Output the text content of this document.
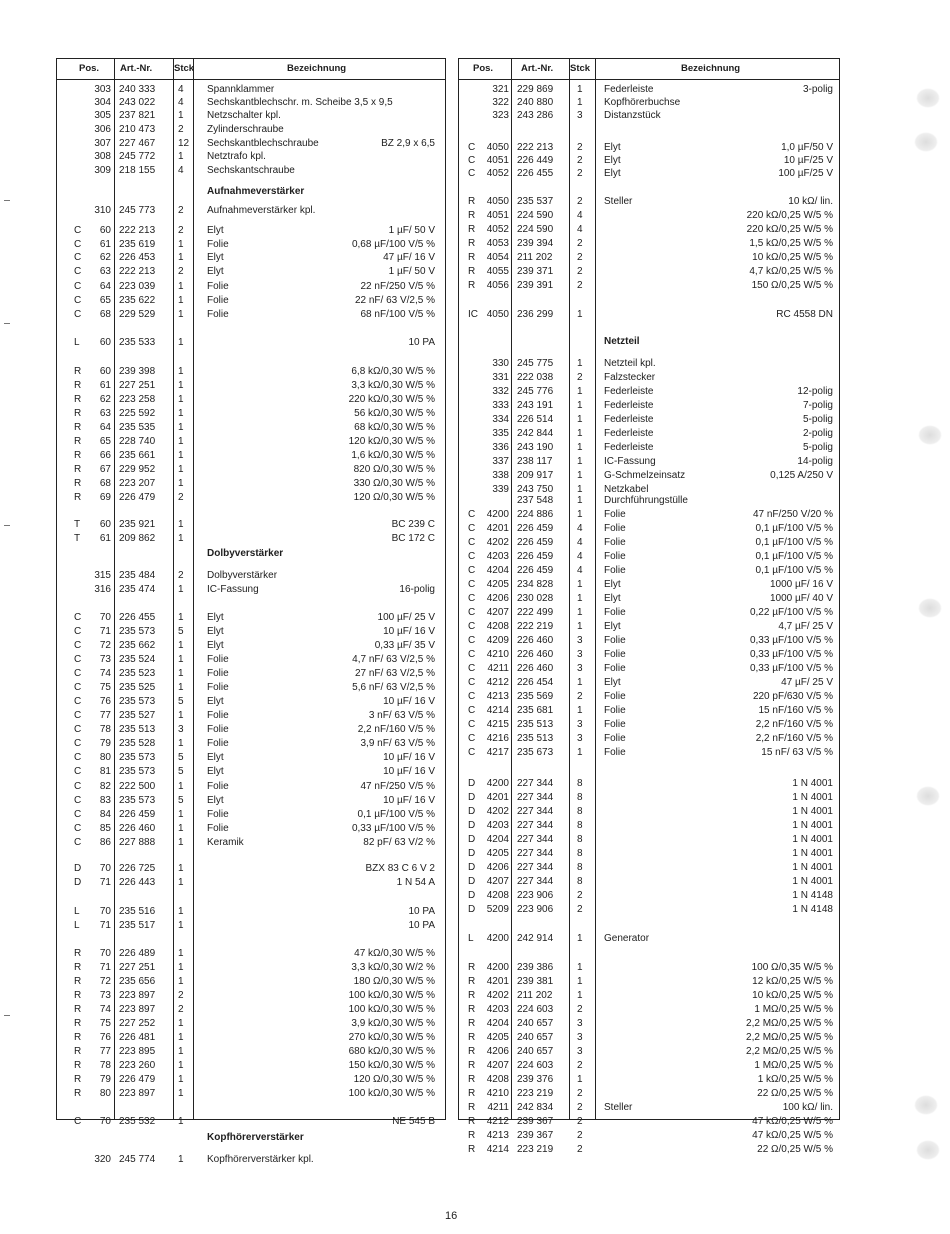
Pos. Art.-Nr. Stck	Bezeichnung
303 240 333 4 Spannklammer
304 243 022 4 Sechskantblechschr. m. Scheibe 3,5 x 9,5
305 237 821 1 Netzschalter kpl.
306 210 473 2 Zylinderschraube
307 227 467 12 Sechskantblechschraube	BZ 2,9 x 6,5
308 245 772 1 Netztrafo kpl.
309 218 155 4 Sechskantschraube
Aufnahmeverstärker
310 245 773 2 Aufnahmeverstärker kpl.
C	60 222 213 2 Elyt	1 µF/ 50 V
C	61 235 619 1 Folie	0,68 µF/100 V/5 %
C	62 226 453 1 Elyt	47 µF/ 16 V
C	63 222 213 2 Elyt	1 µF/ 50 V
C	64 223 039 1 Folie	22 nF/250 V/5 %
C	65 235 622 1 Folie	22 nF/ 63 V/2,5 %
C	68 229 529 1 Folie	68 nF/100 V/5 %
L	60 235 533 1	10 PA
R	60 239 398 1	6,8 kΩ/0,30 W/5 %
R	61 227 251 1	3,3 kΩ/0,30 W/5 %
R	62 223 258 1	220 kΩ/0,30 W/5 %
R	63 225 592 1	56 kΩ/0,30 W/5 %
R	64 235 535 1	68 kΩ/0,30 W/5 %
R	65 228 740 1	120 kΩ/0,30 W/5 %
R	66 235 661 1	1,6 kΩ/0,30 W/5 %
R	67 229 952 1	820 Ω/0,30 W/5 %
R	68 223 207 1	330 Ω/0,30 W/5 %
R	69 226 479 2	120 Ω/0,30 W/5 %
T	60 235 921 1	BC 239 C
T	61 209 862 1	BC 172 C
Dolbyverstärker
315 235 484 2 Dolbyverstärker
316 235 474 1 IC-Fassung	16-polig
C	70 226 455 1 Elyt	100 µF/ 25 V
C	71 235 573 5 Elyt	10 µF/ 16 V
C	72 235 662 1 Elyt	0,33 µF/ 35 V
C	73 235 524 1 Folie	4,7 nF/ 63 V/2,5 %
C	74 235 523 1 Folie	27 nF/ 63 V/2,5 %
C	75 235 525 1 Folie	5,6 nF/ 63 V/2,5 %
C	76 235 573 5 Elyt	10 µF/ 16 V
C	77 235 527 1 Folie	3 nF/ 63 V/5 %
C	78 235 513 3 Folie	2,2 nF/160 V/5 %
C	79 235 528 1 Folie	3,9 nF/ 63 V/5 %
C	80 235 573 5 Elyt	10 µF/ 16 V
C	81 235 573 5 Elyt	10 µF/ 16 V
C	82 222 500 1 Folie	47 nF/250 V/5 %
C	83 235 573 5 Elyt	10 µF/ 16 V
C	84 226 459 1 Folie	0,1 µF/100 V/5 %
C	85 226 460 1 Folie	0,33 µF/100 V/5 %
C	86 227 888 1 Keramik	82 pF/ 63 V/2 %
D	70 226 725 1	BZX 83 C 6 V 2
D	71 226 443 1	1 N 54 A
L	70 235 516 1	10 PA
L	71 235 517 1	10 PA
R	70 226 489 1	47 kΩ/0,30 W/5 %
R	71 227 251 1	3,3 kΩ/0,30 W/2 %
R	72 235 656 1	180 Ω/0,30 W/5 %
R	73 223 897 2	100 kΩ/0,30 W/5 %
R	74 223 897 2	100 kΩ/0,30 W/5 %
R	75 227 252 1	3,9 kΩ/0,30 W/5 %
R	76 226 481 1	270 kΩ/0,30 W/5 %
R	77 223 895 1	680 kΩ/0,30 W/5 %
R	78 223 260 1	150 kΩ/0,30 W/5 %
R	79 226 479 1	120 Ω/0,30 W/5 %
R	80 223 897 1	100 kΩ/0,30 W/5 %
C	70 235 532 1	NE 545 B
Kopfhörerverstärker
320 245 774 1 Kopfhörerverstärker kpl.
Pos.	Art.-Nr. Stck	Bezeichnung
321 229 869 1 Federleiste	3-polig
322 240 880 1 Kopfhörerbuchse
323 243 286 3 Distanzstück
C	4050 222 213 2 Elyt	1,0 µF/50 V
C	4051 226 449 2 Elyt	10 µF/25 V
C	4052 226 455 2 Elyt	100 µF/25 V
R	4050 235 537 2 Steller	10 kΩ/ lin.
R	4051 224 590 4	220 kΩ/0,25 W/5 %
R	4052 224 590 4	220 kΩ/0,25 W/5 %
R	4053 239 394 2	1,5 kΩ/0,25 W/5 %
R	4054 211 202 2	10 kΩ/0,25 W/5 %
R	4055 239 371 2	4,7 kΩ/0,25 W/5 %
R	4056 239 391 2	150 Ω/0,25 W/5 %
IC 4050 236 299 1	RC 4558 DN
Netzteil
330 245 775 1 Netzteil kpl.
331 222 038 2 Falzstecker
332 245 776 1 Federleiste	12-polig
333 243 191 1 Federleiste	7-polig
334 226 514 1 Federleiste	5-polig
335 242 844 1 Federleiste	2-polig
336 243 190 1 Federleiste	5-polig
337 238 117 1 IC-Fassung	14-polig
338 209 917 1 G-Schmelzeinsatz	0,125 A/250 V
339 243 750 1 Netzkabel
237 548 1 Durchführungstülle
C	4200 224 886 1 Folie	47 nF/250 V/20 %
C	4201 226 459 4 Folie	0,1 µF/100 V/5 %
C	4202 226 459 4 Folie	0,1 µF/100 V/5 %
C	4203 226 459 4 Folie	0,1 µF/100 V/5 %
C	4204 226 459 4 Folie	0,1 µF/100 V/5 %
C	4205 234 828 1 Elyt	1000 µF/ 16 V
C	4206 230 028 1 Elyt	1000 µF/ 40 V
C	4207 222 499 1 Folie	0,22 µF/100 V/5 %
C	4208 222 219 1 Elyt	4,7 µF/ 25 V
C	4209 226 460 3 Folie	0,33 µF/100 V/5 %
C	4210 226 460 3 Folie	0,33 µF/100 V/5 %
C	4211 226 460 3 Folie	0,33 µF/100 V/5 %
C	4212 226 454 1 Elyt	47 µF/ 25 V
C	4213 235 569 2 Folie	220 pF/630 V/5 %
C	4214 235 681 1 Folie	15 nF/160 V/5 %
C	4215 235 513 3 Folie	2,2 nF/160 V/5 %
C	4216 235 513 3 Folie	2,2 nF/160 V/5 %
C	4217 235 673 1 Folie	15 nF/ 63 V/5 %
D	4200 227 344 8	1 N 4001
D	4201 227 344 8	1 N 4001
D	4202 227 344 8	1 N 4001
D	4203 227 344 8	1 N 4001
D	4204 227 344 8	1 N 4001
D	4205 227 344 8	1 N 4001
D	4206 227 344 8	1 N 4001
D	4207 227 344 8	1 N 4001
D	4208 223 906 2	1 N 4148
D	5209 223 906 2	1 N 4148
L	4200 242 914 1 Generator
R	4200 239 386 1	100 Ω/0,35 W/5 %
R	4201 239 381 1	12 kΩ/0,25 W/5 %
R	4202 211 202 1	10 kΩ/0,25 W/5 %
R	4203 224 603 2	1 MΩ/0,25 W/5 %
R	4204 240 657 3	2,2 MΩ/0,25 W/5 %
R	4205 240 657 3	2,2 MΩ/0,25 W/5 %
R	4206 240 657 3	2,2 MΩ/0,25 W/5 %
R	4207 224 603 2	1 MΩ/0,25 W/5 %
R	4208 239 376 1	1 kΩ/0,25 W/5 %
R	4210 223 219 2	22 Ω/0,25 W/5 %
R	4211 242 834 2 Steller	100 kΩ/ lin.
R	4212 239 367 2	47 kΩ/0,25 W/5 %
R	4213 239 367 2	47 kΩ/0,25 W/5 %
R	4214 223 219 2	22 Ω/0,25 W/5 %
16
